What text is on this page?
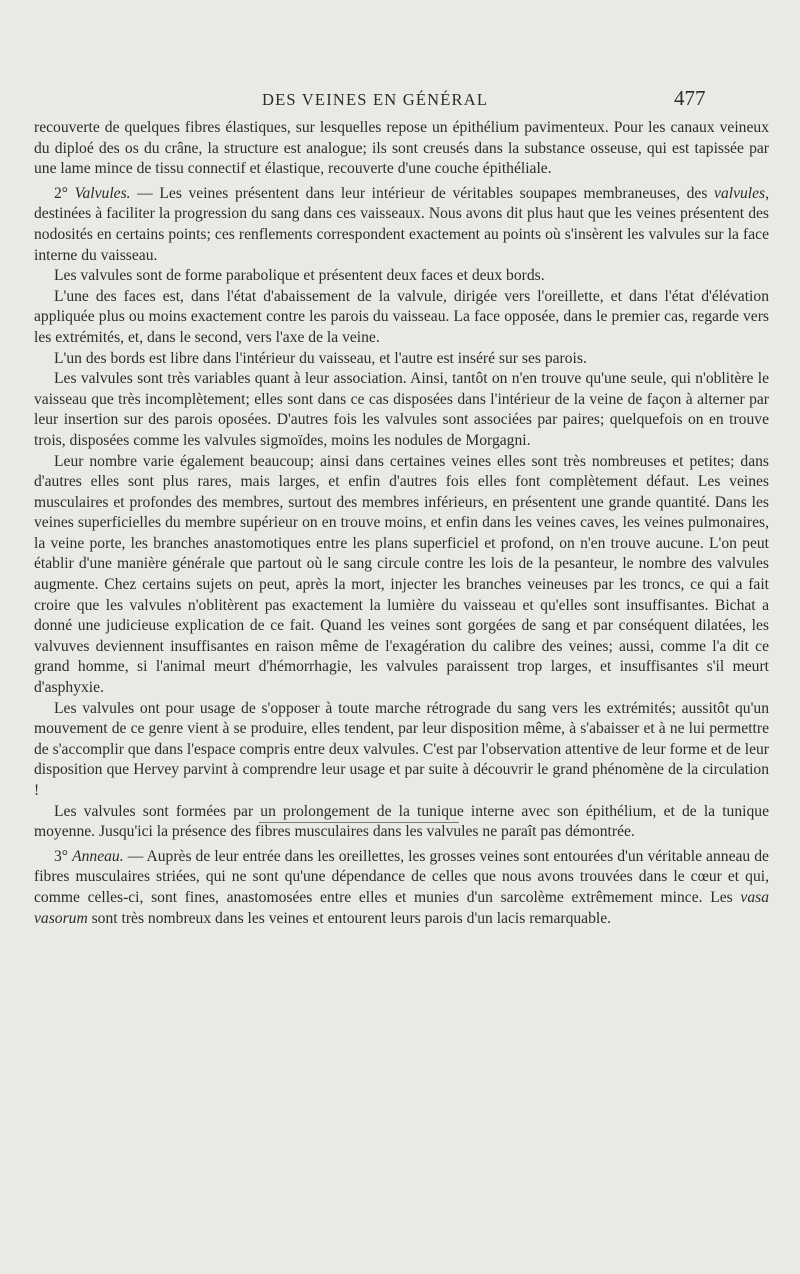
DES VEINES EN GÉNÉRAL	477

recouverte de quelques fibres élastiques, sur lesquelles repose un épithélium pavimenteux. Pour les canaux veineux du diploé des os du crâne, la structure est analogue; ils sont creusés dans la substance osseuse, qui est tapissée par une lame mince de tissu connectif et élastique, recouverte d'une couche épithéliale.

2° Valvules. — Les veines présentent dans leur intérieur de véritables soupapes membraneuses, des valvules, destinées à faciliter la progression du sang dans ces vaisseaux. Nous avons dit plus haut que les veines présentent des nodosités en certains points; ces renflements correspondent exactement au points où s'insèrent les valvules sur la face interne du vaisseau.

Les valvules sont de forme parabolique et présentent deux faces et deux bords.

L'une des faces est, dans l'état d'abaissement de la valvule, dirigée vers l'oreillette, et dans l'état d'élévation appliquée plus ou moins exactement contre les parois du vaisseau. La face opposée, dans le premier cas, regarde vers les extrémités, et, dans le second, vers l'axe de la veine.

L'un des bords est libre dans l'intérieur du vaisseau, et l'autre est inséré sur ses parois.

Les valvules sont très variables quant à leur association. Ainsi, tantôt on n'en trouve qu'une seule, qui n'oblitère le vaisseau que très incomplètement; elles sont dans ce cas disposées dans l'intérieur de la veine de façon à alterner par leur insertion sur des parois oposées. D'autres fois les valvules sont associées par paires; quelquefois on en trouve trois, disposées comme les valvules sigmoïdes, moins les nodules de Morgagni.

Leur nombre varie également beaucoup; ainsi dans certaines veines elles sont très nombreuses et petites; dans d'autres elles sont plus rares, mais larges, et enfin d'autres fois elles font complètement défaut. Les veines musculaires et profondes des membres, surtout des membres inférieurs, en présentent une grande quantité. Dans les veines superficielles du membre supérieur on en trouve moins, et enfin dans les veines caves, les veines pulmonaires, la veine porte, les branches anastomotiques entre les plans superficiel et profond, on n'en trouve aucune. L'on peut établir d'une manière générale que partout où le sang circule contre les lois de la pesanteur, le nombre des valvules augmente. Chez certains sujets on peut, après la mort, injecter les branches veineuses par les troncs, ce qui a fait croire que les valvules n'oblitèrent pas exactement la lumière du vaisseau et qu'elles sont insuffisantes. Bichat a donné une judicieuse explication de ce fait. Quand les veines sont gorgées de sang et par conséquent dilatées, les valvuves deviennent insuffisantes en raison même de l'exagération du calibre des veines; aussi, comme l'a dit ce grand homme, si l'animal meurt d'hémorrhagie, les valvules paraissent trop larges, et insuffisantes s'il meurt d'asphyxie.

Les valvules ont pour usage de s'opposer à toute marche rétrograde du sang vers les extrémités; aussitôt qu'un mouvement de ce genre vient à se produire, elles tendent, par leur disposition même, à s'abaisser et à ne lui permettre de s'accomplir que dans l'espace compris entre deux valvules. C'est par l'observation attentive de leur forme et de leur disposition que Hervey parvint à comprendre leur usage et par suite à découvrir le grand phénomène de la circulation !

Les valvules sont formées par un prolongement de la tunique interne avec son épithélium, et de la tunique moyenne. Jusqu'ici la présence des fibres musculaires dans les valvules ne paraît pas démontrée.

3° Anneau. — Auprès de leur entrée dans les oreillettes, les grosses veines sont entourées d'un véritable anneau de fibres musculaires striées, qui ne sont qu'une dépendance de celles que nous avons trouvées dans le cœur et qui, comme celles-ci, sont fines, anastomosées entre elles et munies d'un sarcolème extrêmement mince. Les vasa vasorum sont très nombreux dans les veines et entourent leurs parois d'un lacis remarquable.
